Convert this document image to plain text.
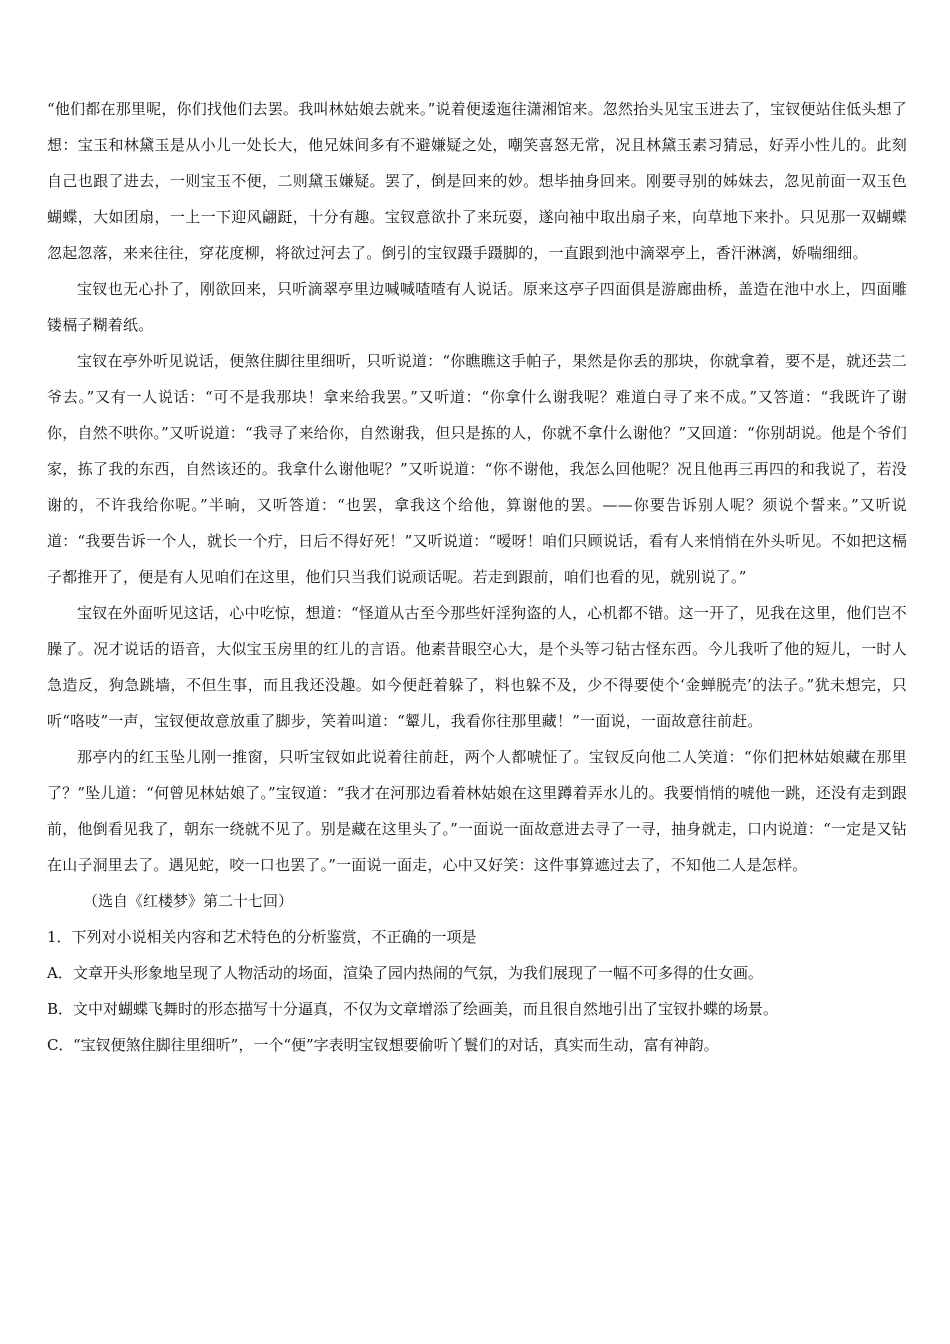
“他们都在那里呢，你们找他们去罢。我叫林姑娘去就来。”说着便逶迤往潇湘馆来。忽然抬头见宝玉进去了，宝钗便站住低头想了想：宝玉和林黛玉是从小儿一处长大，他兄妹间多有不避嫌疑之处，嘲笑喜怒无常，况且林黛玉素习猜忌，好弄小性儿的。此刻自己也跟了进去，一则宝玉不便，二则黛玉嫌疑。罢了，倒是回来的妙。想毕抽身回来。刚要寻别的姊妹去，忽见前面一双玉色蝴蝶，大如团扇，一上一下迎风翩跹，十分有趣。宝钗意欲扑了来玩耍，遂向袖中取出扇子来，向草地下来扑。只见那一双蝴蝶忽起忽落，来来往往，穿花度柳，将欲过河去了。倒引的宝钗蹑手蹑脚的，一直跟到池中滴翠亭上，香汗淋漓，娇喘细细。

宝钗也无心扑了，刚欲回来，只听滴翠亭里边喊喊喳喳有人说话。原来这亭子四面俱是游廊曲桥，盖造在池中水上，四面雕镂槅子糊着纸。

宝钗在亭外听见说话，便煞住脚往里细听，只听说道：“你瞧瞧这手帕子，果然是你丢的那块，你就拿着，要不是，就还芸二爷去。”又有一人说话：“可不是我那块！拿来给我罢。”又听道：“你拿什么谢我呢？难道白寻了来不成。”又答道：“我既许了谢你，自然不哄你。”又听说道：“我寻了来给你，自然谢我，但只是拣的人，你就不拿什么谢他？”又回道：“你别胡说。他是个爷们家，拣了我的东西，自然该还的。我拿什么谢他呢？”又听说道：“你不谢他，我怎么回他呢？况且他再三再四的和我说了，若没谢的，不许我给你呢。”半晌，又听答道：“也罢，拿我这个给他，算谢他的罢。——你要告诉别人呢？须说个誓来。”又听说道：“我要告诉一个人，就长一个疔，日后不得好死！”又听说道：“嗳呀！咱们只顾说话，看有人来悄悄在外头听见。不如把这槅子都推开了，便是有人见咱们在这里，他们只当我们说顽话呢。若走到跟前，咱们也看的见，就别说了。”

宝钗在外面听见这话，心中吃惊，想道：“怪道从古至今那些奸淫狗盗的人，心机都不错。这一开了，见我在这里，他们岂不臊了。况才说话的语音，大似宝玉房里的红儿的言语。他素昔眼空心大，是个头等刁钻古怪东西。今儿我听了他的短儿，一时人急造反，狗急跳墙，不但生事，而且我还没趣。如今便赶着躲了，料也躲不及，少不得要使个‘金蝉脱壳’的法子。”犹未想完，只听“咯吱”一声，宝钗便故意放重了脚步，笑着叫道：“颦儿，我看你往那里藏！”一面说，一面故意往前赶。

那亭内的红玉坠儿刚一推窗，只听宝钗如此说着往前赶，两个人都唬怔了。宝钗反向他二人笑道：“你们把林姑娘藏在那里了？”坠儿道：“何曾见林姑娘了。”宝钗道：“我才在河那边看着林姑娘在这里蹲着弄水儿的。我要悄悄的唬他一跳，还没有走到跟前，他倒看见我了，朝东一绕就不见了。别是藏在这里头了。”一面说一面故意进去寻了一寻，抽身就走，口内说道：“一定是又钻在山子洞里去了。遇见蛇，咬一口也罢了。”一面说一面走，心中又好笑：这件事算遮过去了，不知他二人是怎样。

（选自《红楼梦》第二十七回）

1．下列对小说相关内容和艺术特色的分析鉴赏，不正确的一项是

A． 文章开头形象地呈现了人物活动的场面，渲染了园内热闹的气氛，为我们展现了一幅不可多得的仕女画。
B． 文中对蝴蝶飞舞时的形态描写十分逼真，不仅为文章增添了绘画美，而且很自然地引出了宝钗扑蝶的场景。
C． “宝钗便煞住脚往里细听”，一个“便”字表明宝钗想要偷听丫鬟们的对话，真实而生动，富有神韵。
